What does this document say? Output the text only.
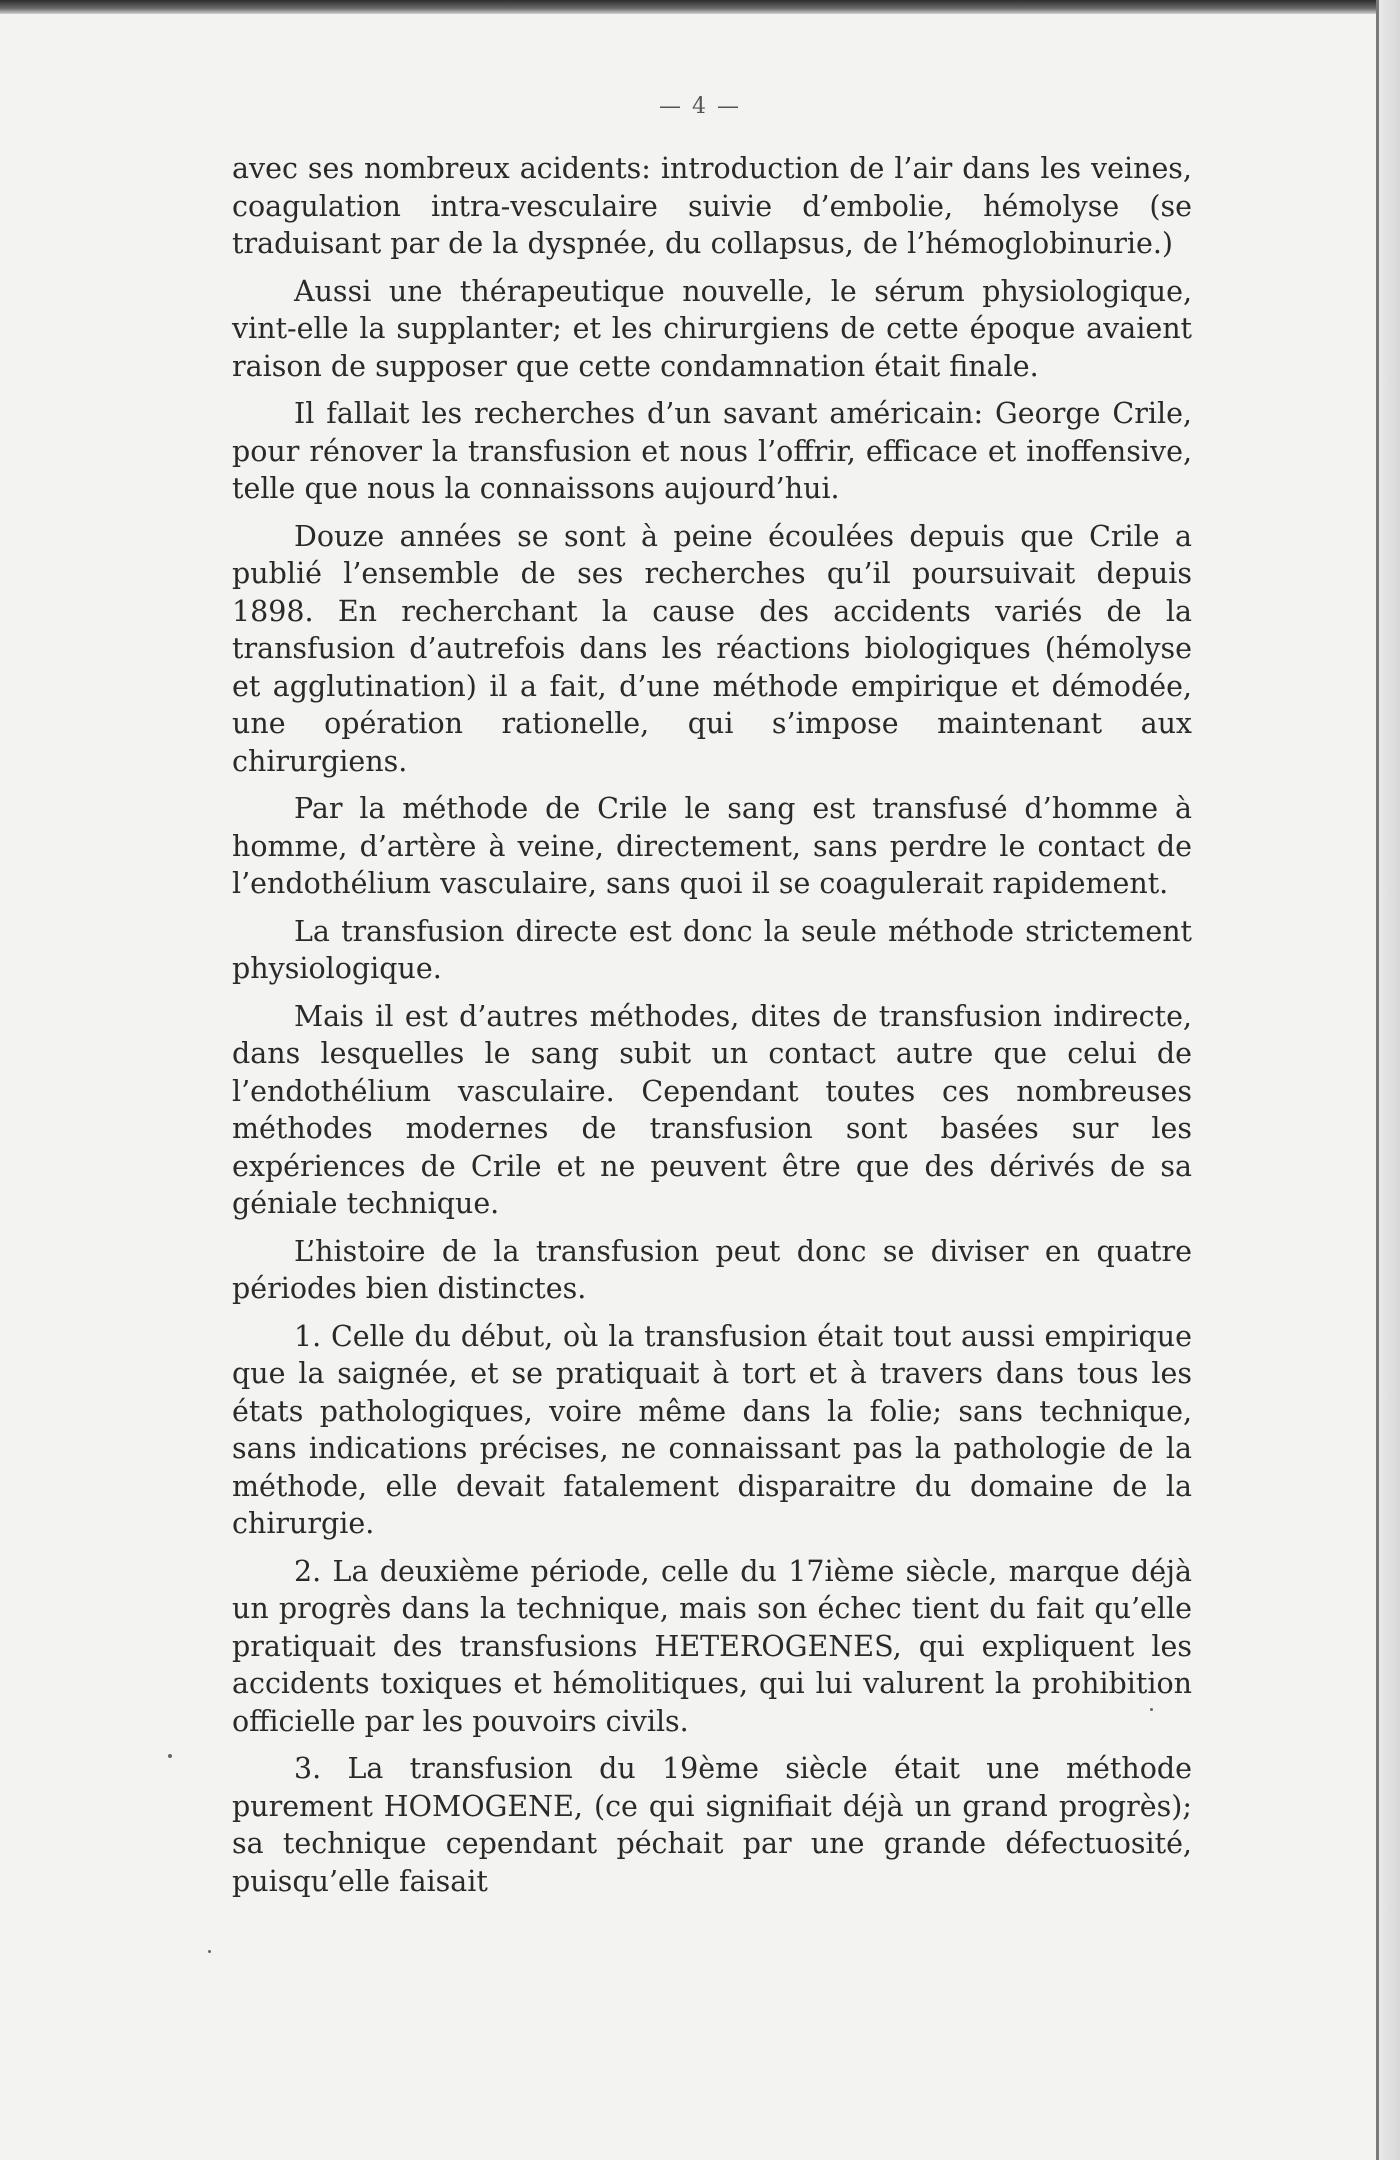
— 4 —

avec ses nombreux acidents: introduction de l’air dans les veines, coagulation intra-vesculaire suivie d’embolie, hémolyse (se traduisant par de la dyspnée, du collapsus, de l’hémoglobinurie.)

Aussi une thérapeutique nouvelle, le sérum physiologique, vint-elle la supplanter; et les chirurgiens de cette époque avaient raison de supposer que cette condamnation était finale.

Il fallait les recherches d’un savant américain: George Crile, pour rénover la transfusion et nous l’offrir, efficace et inoffensive, telle que nous la connaissons aujourd’hui.

Douze années se sont à peine écoulées depuis que Crile a publié l’ensemble de ses recherches qu’il poursuivait depuis 1898. En recherchant la cause des accidents variés de la transfusion d’autrefois dans les réactions biologiques (hémolyse et agglutination) il a fait, d’une méthode empirique et démodée, une opération rationelle, qui s’impose maintenant aux chirurgiens.

Par la méthode de Crile le sang est transfusé d’homme à homme, d’artère à veine, directement, sans perdre le contact de l’endothélium vasculaire, sans quoi il se coagulerait rapidement.

La transfusion directe est donc la seule méthode strictement physiologique.

Mais il est d’autres méthodes, dites de transfusion indirecte, dans lesquelles le sang subit un contact autre que celui de l’endothélium vasculaire. Cependant toutes ces nombreuses méthodes modernes de transfusion sont basées sur les expériences de Crile et ne peuvent être que des dérivés de sa géniale technique.

L’histoire de la transfusion peut donc se diviser en quatre périodes bien distinctes.

1. Celle du début, où la transfusion était tout aussi empirique que la saignée, et se pratiquait à tort et à travers dans tous les états pathologiques, voire même dans la folie; sans technique, sans indications précises, ne connaissant pas la pathologie de la méthode, elle devait fatalement disparaitre du domaine de la chirurgie.

2. La deuxième période, celle du 17ième siècle, marque déjà un progrès dans la technique, mais son échec tient du fait qu’elle pratiquait des transfusions HETEROGENES, qui expliquent les accidents toxiques et hémolitiques, qui lui valurent la prohibition officielle par les pouvoirs civils.

3. La transfusion du 19ème siècle était une méthode purement HOMOGENE, (ce qui signifiait déjà un grand progrès); sa technique cependant péchait par une grande défectuosité, puisqu’elle faisait
